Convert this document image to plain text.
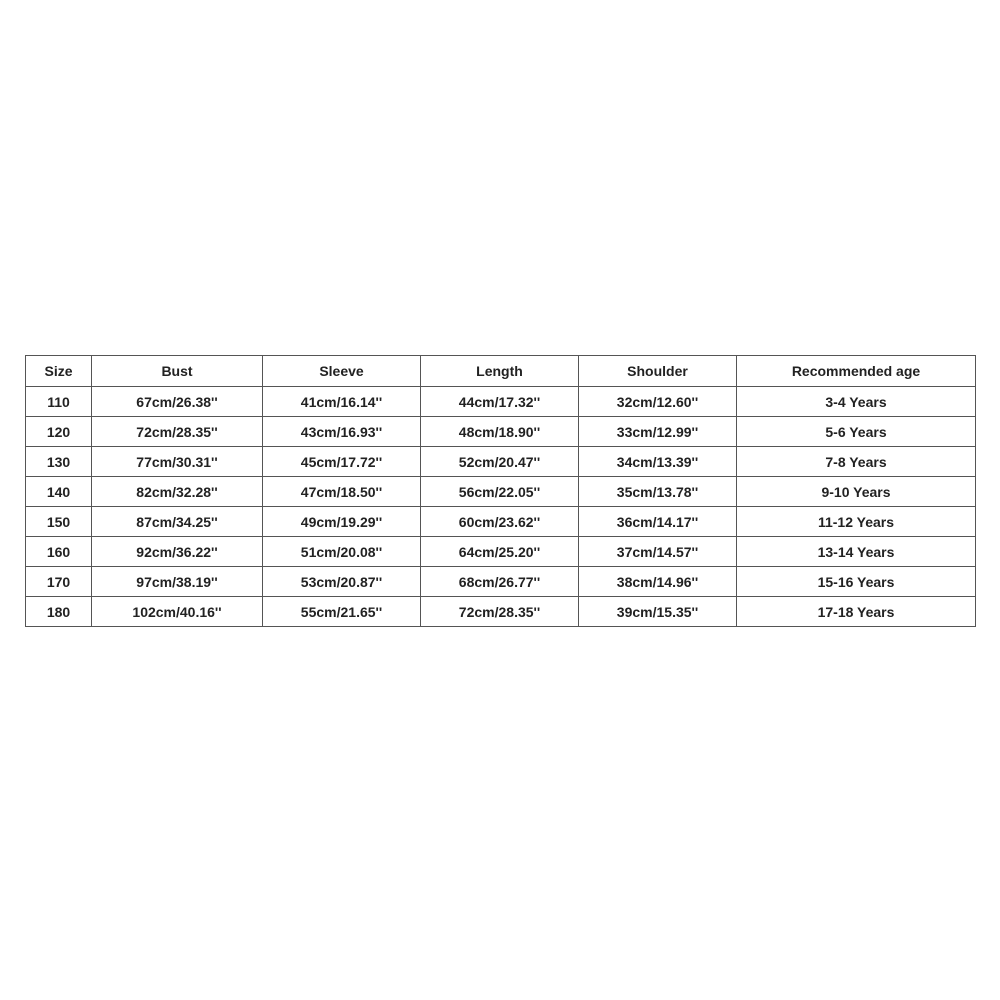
Size	Bust	Sleeve	Length	Shoulder	Recommended age
110	67cm/26.38''	41cm/16.14''	44cm/17.32''	32cm/12.60''	3-4 Years
120	72cm/28.35''	43cm/16.93''	48cm/18.90''	33cm/12.99''	5-6 Years
130	77cm/30.31''	45cm/17.72''	52cm/20.47''	34cm/13.39''	7-8 Years
140	82cm/32.28''	47cm/18.50''	56cm/22.05''	35cm/13.78''	9-10 Years
150	87cm/34.25''	49cm/19.29''	60cm/23.62''	36cm/14.17''	11-12 Years
160	92cm/36.22''	51cm/20.08''	64cm/25.20''	37cm/14.57''	13-14 Years
170	97cm/38.19''	53cm/20.87''	68cm/26.77''	38cm/14.96''	15-16 Years
180	102cm/40.16''	55cm/21.65''	72cm/28.35''	39cm/15.35''	17-18 Years
